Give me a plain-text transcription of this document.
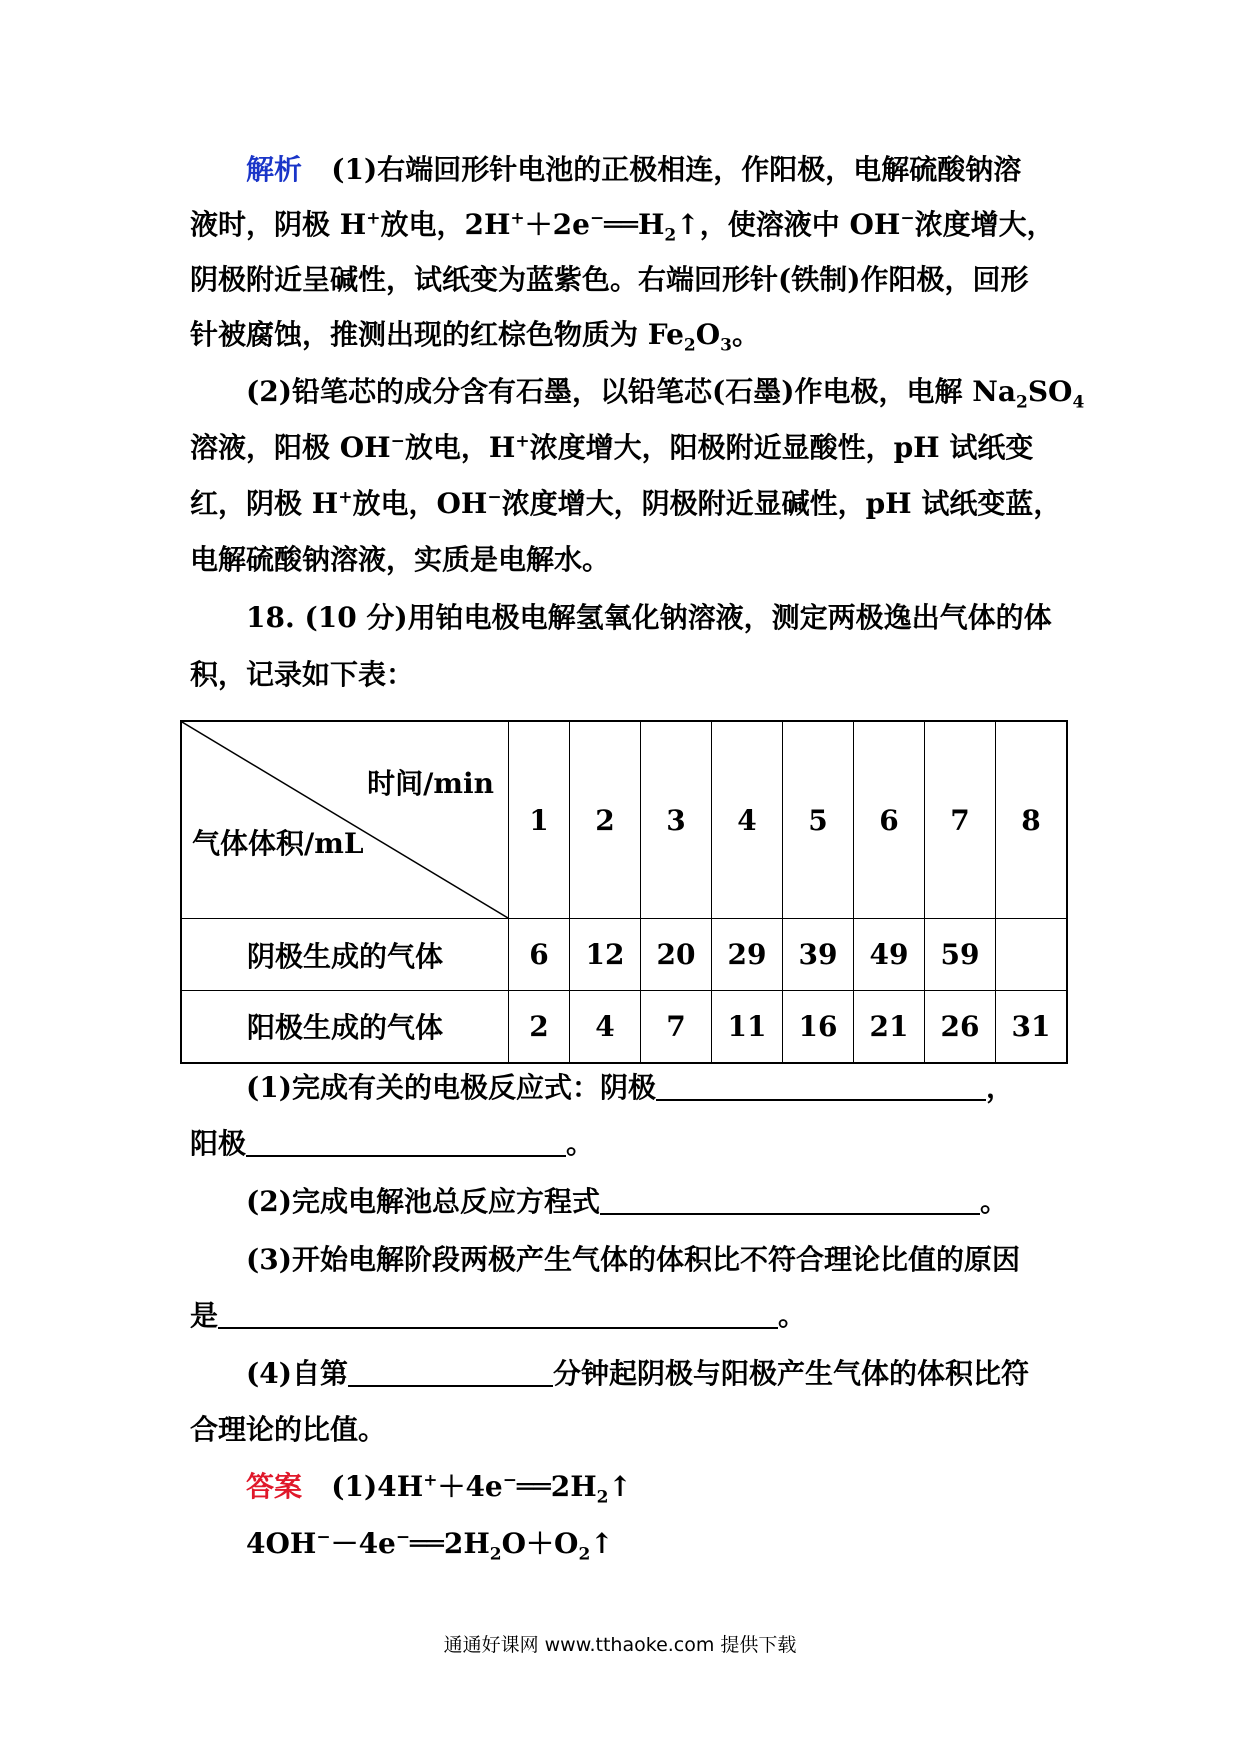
解析 (1)右端回形针电池的正极相连，作阳极，电解硫酸钠溶
液时，阴极 H+放电，$2H^++2e^-══H_2↑$，使溶液中 OH−浓度增大，
阴极附近呈碱性，试纸变为蓝紫色。右端回形针(铁制)作阳极，回形
针被腐蚀，推测出现的红棕色物质为 $Fe_2O_3$。
(2)铅笔芯的成分含有石墨，以铅笔芯(石墨)作电极，电解 $Na_2SO_4$
溶液，阳极 OH−放电，H+浓度增大，阳极附近显酸性，pH 试纸变
红，阴极 H+放电，OH−浓度增大，阴极附近显碱性，pH 试纸变蓝，
电解硫酸钠溶液，实质是电解水。
18. (10 分)用铂电极电解氢氧化钠溶液，测定两极逸出气体的体
积，记录如下表：
时间/min
气体体积/mL	1	2	3	4	5	6	7	8
阴极生成的气体	6	12	20	29	39	49	59	
阳极生成的气体	2	4	7	11	16	21	26	31
(1)完成有关的电极反应式：阴极	，
阳极	。
(2)完成电解池总反应方程式	。
(3)开始电解阶段两极产生气体的体积比不符合理论比值的原因
是	。
(4)自第	分钟起阴极与阳极产生气体的体积比符
合理论的比值。
答案 $(1)4H^++4e^-══2H_2↑$
$4OH^--4e^-══2H_2O+O_2↑$
通通好课网 www.tthaoke.com 提供下载
